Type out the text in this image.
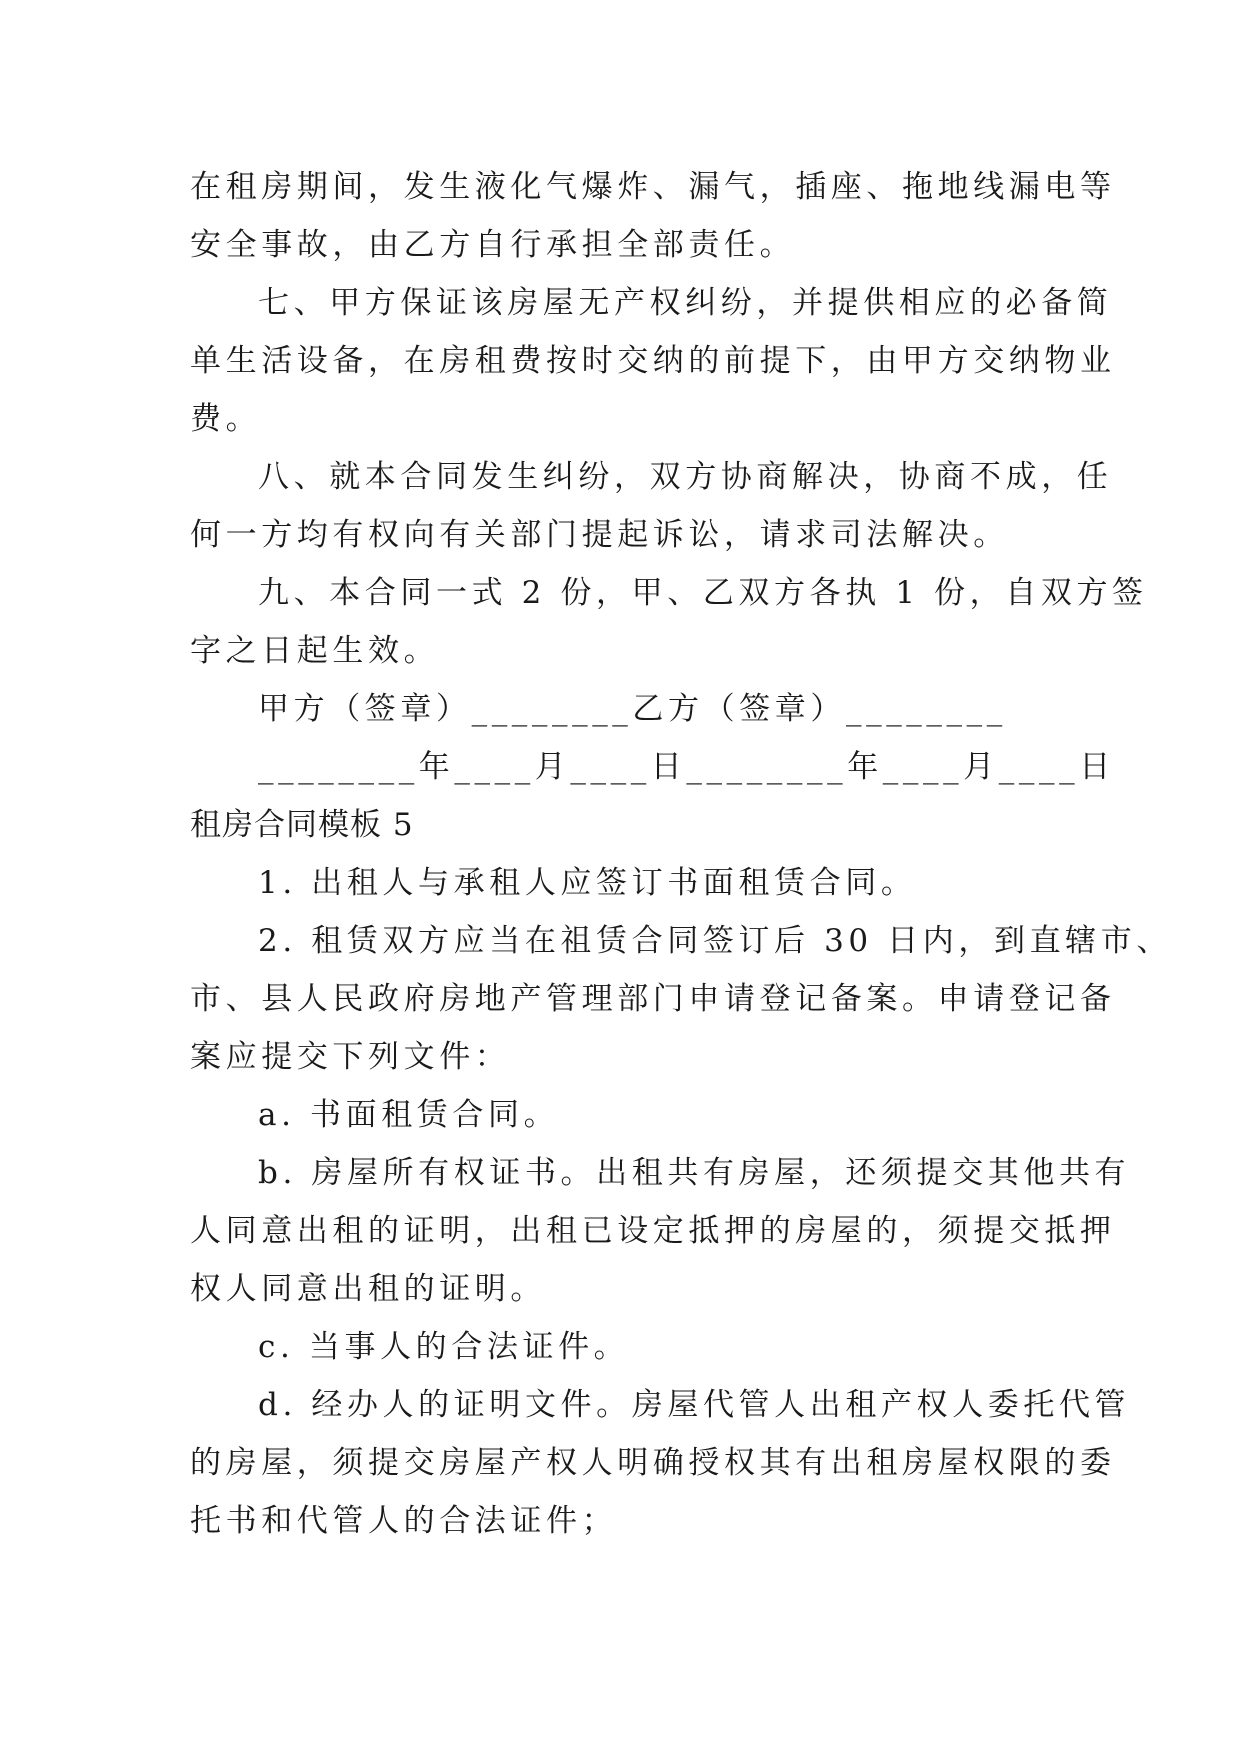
在租房期间，发生液化气爆炸、漏气，插座、拖地线漏电等
安全事故，由乙方自行承担全部责任。
七、甲方保证该房屋无产权纠纷，并提供相应的必备简
单生活设备，在房租费按时交纳的前提下，由甲方交纳物业
费。
八、就本合同发生纠纷，双方协商解决，协商不成，任
何一方均有权向有关部门提起诉讼，请求司法解决。
九、本合同一式 2 份，甲、乙双方各执 1 份，自双方签
字之日起生效。
甲方（签章）________乙方（签章）________
________年____月____日________年____月____日
租房合同模板 5
1. 出租人与承租人应签订书面租赁合同。
2. 租赁双方应当在祖赁合同签订后 30 日内，到直辖市、
市、县人民政府房地产管理部门申请登记备案。申请登记备
案应提交下列文件：
a. 书面租赁合同。
b. 房屋所有权证书。出租共有房屋，还须提交其他共有
人同意出租的证明，出租已设定抵押的房屋的，须提交抵押
权人同意出租的证明。
c. 当事人的合法证件。
d. 经办人的证明文件。房屋代管人出租产权人委托代管
的房屋，须提交房屋产权人明确授权其有出租房屋权限的委
托书和代管人的合法证件；
